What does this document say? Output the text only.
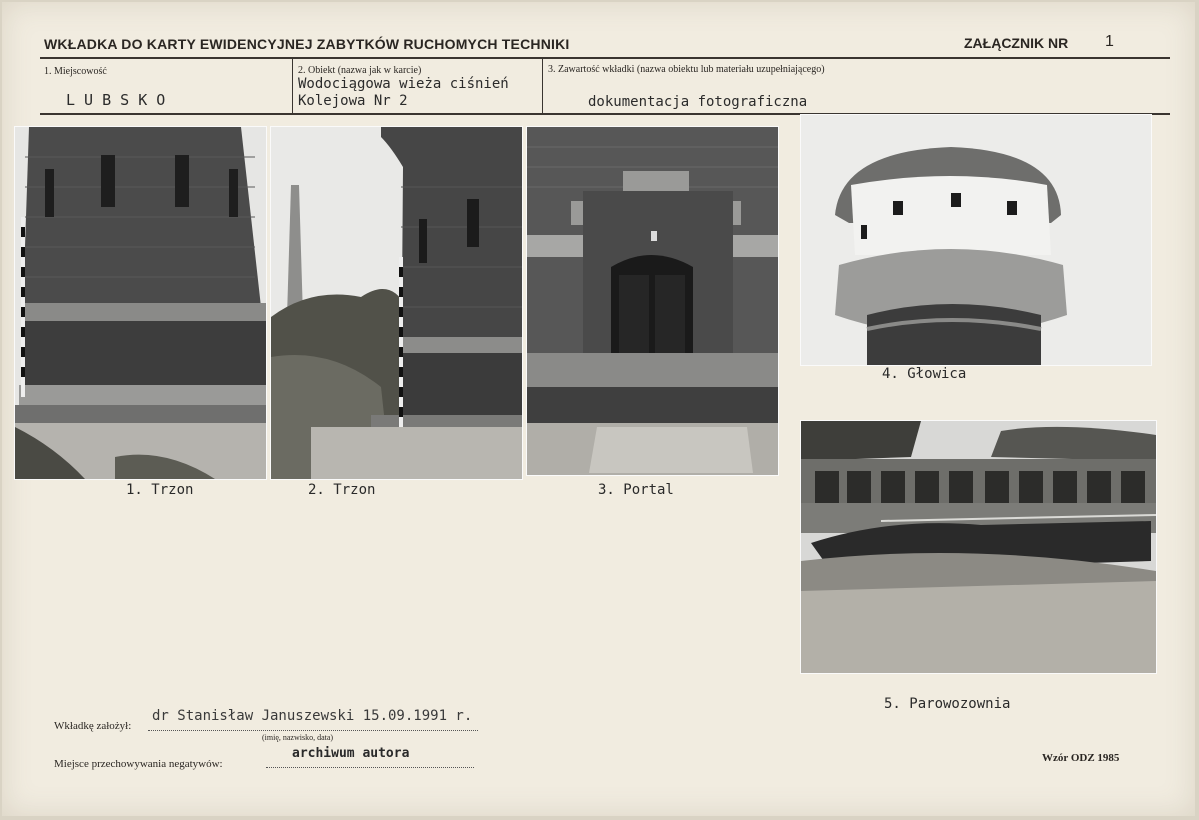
WKŁADKA DO KARTY EWIDENCYJNEJ ZABYTKÓW RUCHOMYCH TECHNIKI	ZAŁĄCZNIK NR 1
1. Miejscowość
L U B S K O
2. Obiekt (nazwa jak w karcie)
Wodociągowa wieża ciśnień
Kolejowa Nr 2
3. Zawartość wkładki (nazwa obiektu lub materiału uzupełniającego)
dokumentacja fotograficzna
1. Trzon	2. Trzon	3. Portal
4. Głowica
5. Parowozownia
Wkładkę założył:
dr Stanisław Januszewski 15.09.1991 r.
(imię, nazwisko, data)
Miejsce przechowywania negatywów:
archiwum autora	Wzór ODZ 1985
